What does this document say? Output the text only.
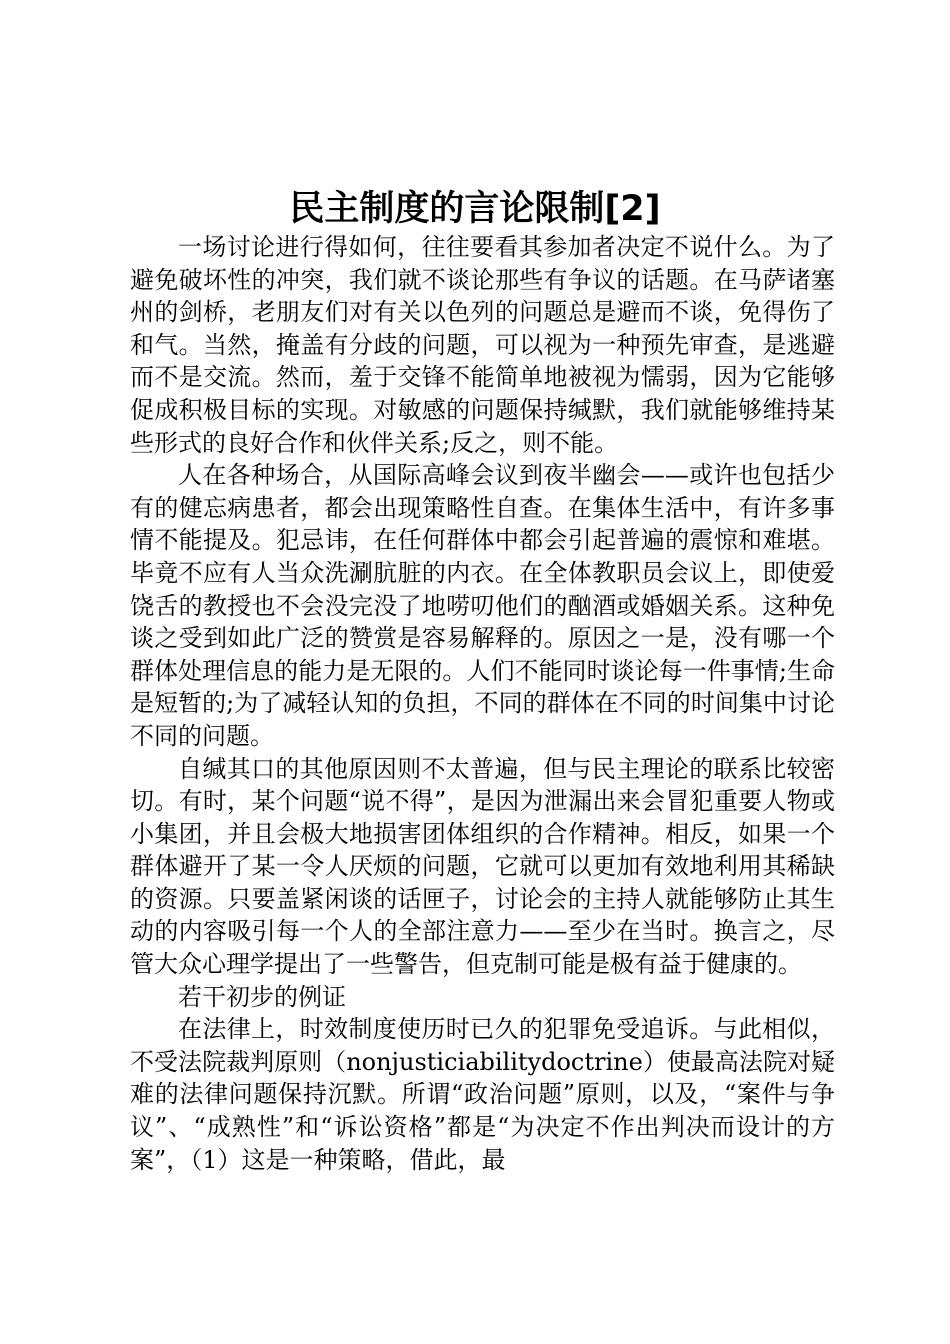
民主制度的言论限制[2]

一场讨论进行得如何，往往要看其参加者决定不说什么。为了避免破坏性的冲突，我们就不谈论那些有争议的话题。在马萨诸塞州的剑桥，老朋友们对有关以色列的问题总是避而不谈，免得伤了和气。当然，掩盖有分歧的问题，可以视为一种预先审查，是逃避而不是交流。然而，羞于交锋不能简单地被视为懦弱，因为它能够促成积极目标的实现。对敏感的问题保持缄默，我们就能够维持某些形式的良好合作和伙伴关系;反之，则不能。

人在各种场合，从国际高峰会议到夜半幽会——或许也包括少有的健忘病患者，都会出现策略性自查。在集体生活中，有许多事情不能提及。犯忌讳，在任何群体中都会引起普遍的震惊和难堪。毕竟不应有人当众洗涮肮脏的内衣。在全体教职员会议上，即使爱饶舌的教授也不会没完没了地唠叨他们的酗酒或婚姻关系。这种免谈之受到如此广泛的赞赏是容易解释的。原因之一是，没有哪一个群体处理信息的能力是无限的。人们不能同时谈论每一件事情;生命是短暂的;为了减轻认知的负担，不同的群体在不同的时间集中讨论不同的问题。

自缄其口的其他原因则不太普遍，但与民主理论的联系比较密切。有时，某个问题“说不得”，是因为泄漏出来会冒犯重要人物或小集团，并且会极大地损害团体组织的合作精神。相反，如果一个群体避开了某一令人厌烦的问题，它就可以更加有效地利用其稀缺的资源。只要盖紧闲谈的话匣子，讨论会的主持人就能够防止其生动的内容吸引每一个人的全部注意力——至少在当时。换言之，尽管大众心理学提出了一些警告，但克制可能是极有益于健康的。

若干初步的例证

在法律上，时效制度使历时已久的犯罪免受追诉。与此相似，不受法院裁判原则（nonjusticiabilitydoctrine）使最高法院对疑难的法律问题保持沉默。所谓“政治问题”原则，以及，“案件与争议”、“成熟性”和“诉讼资格”都是“为决定不作出判决而设计的方案”，（1）这是一种策略，借此，最
